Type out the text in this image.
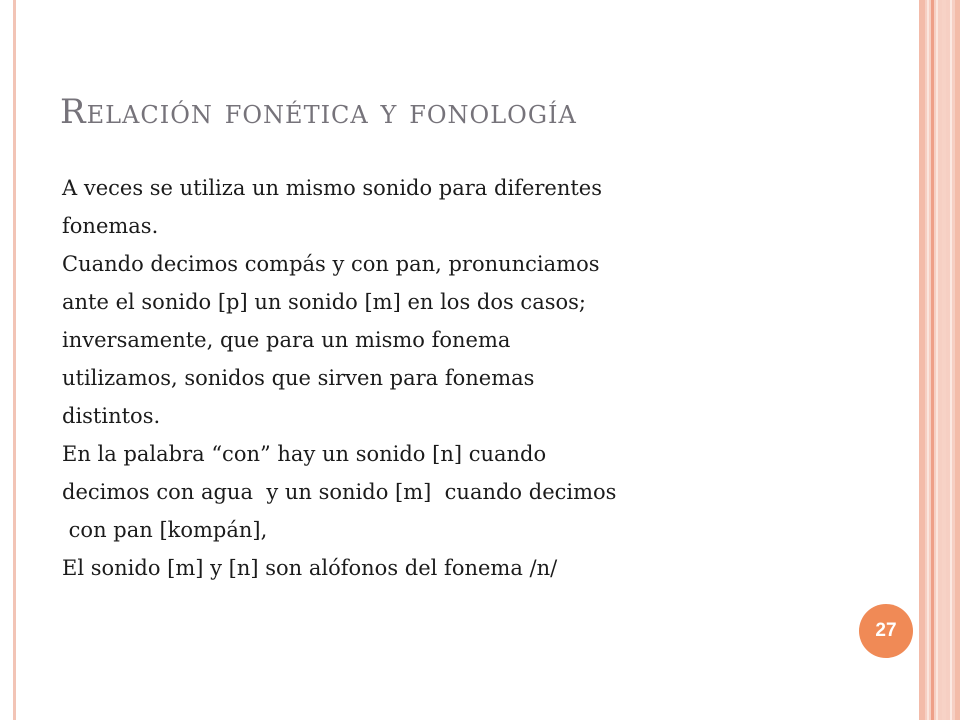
Relación fonética y fonología
A veces se utiliza un mismo sonido para diferentes
fonemas.
Cuando decimos compás y con pan, pronunciamos
ante el sonido [p] un sonido [m] en los dos casos;
inversamente, que para un mismo fonema
utilizamos, sonidos que sirven para fonemas
distintos.
En la palabra “con” hay un sonido [n] cuando
decimos con agua  y un sonido [m]  cuando decimos
con pan [kompán],
El sonido [m] y [n] son alófonos del fonema /n/
27
